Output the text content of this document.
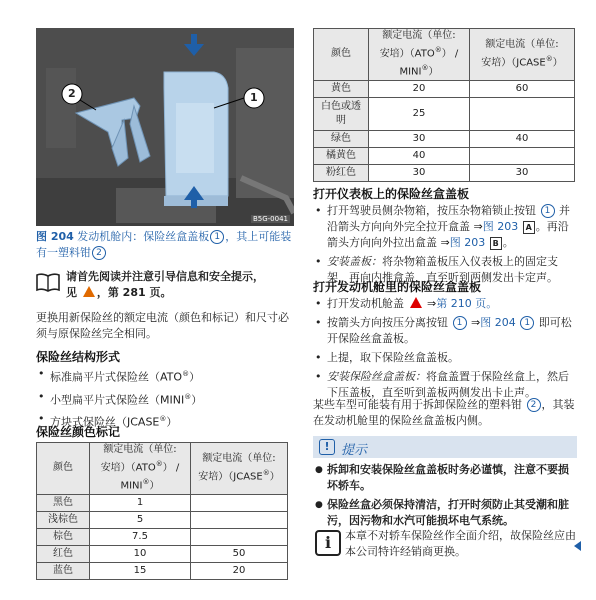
1
2
B5G-0041
图 204 发动机舱内：保险丝盒盖板 1 ，其上可能装有一塑料钳 2
请首先阅读并注意引导信息和安全提示，
见 ，第 281 页。
更换用新保险丝的额定电流（颜色和标记）和尺寸必须与原保险丝完全相同。
保险丝结构形式
• 标准扁平片式保险丝（ATO®）
• 小型扁平片式保险丝（MINI®）
• 方块式保险丝（JCASE®）
保险丝颜色标记
颜色	额定电流（单位:
安培）（ATO®） /
MINI®）	额定电流（单位:
安培）（JCASE®）
黑色	1	
浅棕色	5	
棕色	7.5	
红色	10	50
蓝色	15	20
颜色	额定电流（单位:
安培）（ATO®） /
MINI®）	额定电流（单位:
安培）（JCASE®）
黄色	20	60
白色或透明	25	
绿色	30	40
橘黄色	40	
粉红色	30	30
打开仪表板上的保险丝盒盖板
• 打开驾驶员侧杂物箱，按压杂物箱锁止按钮 1 并沿箭头方向向外完全拉开盒盖 ⇒图 203 A 。再沿箭头方向向外拉出盒盖 ⇒图 203 B 。
• 安装盖板：将杂物箱盖板压入仪表板上的固定支架，再向内推盒盖，直至听到两侧发出卡定声。
打开发动机舱里的保险丝盒盖板
• 打开发动机舱盖 ⇒第 210 页。
• 按箭头方向按压分离按钮 1 ⇒图 204 1 即可松开保险丝盒盖板。
• 上提，取下保险丝盒盖板。
• 安装保险丝盒盖板：将盒盖置于保险丝盒上，然后下压盖板，直至听到盖板两侧发出卡止声。
某些车型可能装有用于拆卸保险丝的塑料钳 2 ，其装在发动机舱里的保险丝盒盖板内侧。
! 提示
● 拆卸和安装保险丝盒盖板时务必谨慎，注意不要损坏轿车。
● 保险丝盒必须保持清洁，打开时须防止其受潮和脏污，因污物和水汽可能损坏电气系统。
i	本章不对轿车保险丝作全面介绍，故保险丝应由本公司特许经销商更换。
